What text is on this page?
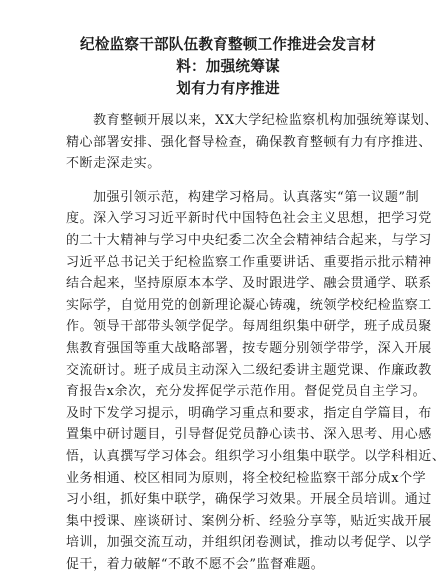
纪检监察干部队伍教育整顿工作推进会发言材料：加强统筹谋
划有力有序推进

　　教育整顿开展以来，XX大学纪检监察机构加强统筹谋划、
精心部署安排、强化督导检查，确保教育整顿有力有序推进、
不断走深走实。

　　加强引领示范，构建学习格局。认真落实“第一议题”制
度。深入学习习近平新时代中国特色社会主义思想，把学习党
的二十大精神与学习中央纪委二次全会精神结合起来，与学习
习近平总书记关于纪检监察工作重要讲话、重要指示批示精神
结合起来，坚持原原本本学、及时跟进学、融会贯通学、联系
实际学，自觉用党的创新理论凝心铸魂，统领学校纪检监察工
作。领导干部带头领学促学。每周组织集中研学，班子成员聚
焦教育强国等重大战略部署，按专题分别领学带学，深入开展
交流研讨。班子成员主动深入二级纪委讲主题党课、作廉政教
育报告x余次，充分发挥促学示范作用。督促党员自主学习。
及时下发学习提示，明确学习重点和要求，指定自学篇目，布
置集中研讨题目，引导督促党员静心读书、深入思考、用心感
悟，认真撰写学习体会。组织学习小组集中联学。以学科相近、
业务相通、校区相同为原则，将全校纪检监察干部分成x个学
习小组，抓好集中联学，确保学习效果。开展全员培训。通过
集中授课、座谈研讨、案例分析、经验分享等，贴近实战开展
培训，加强交流互动，并组织闭卷测试，推动以考促学、以学
促干，着力破解“不敢不愿不会”监督难题。
